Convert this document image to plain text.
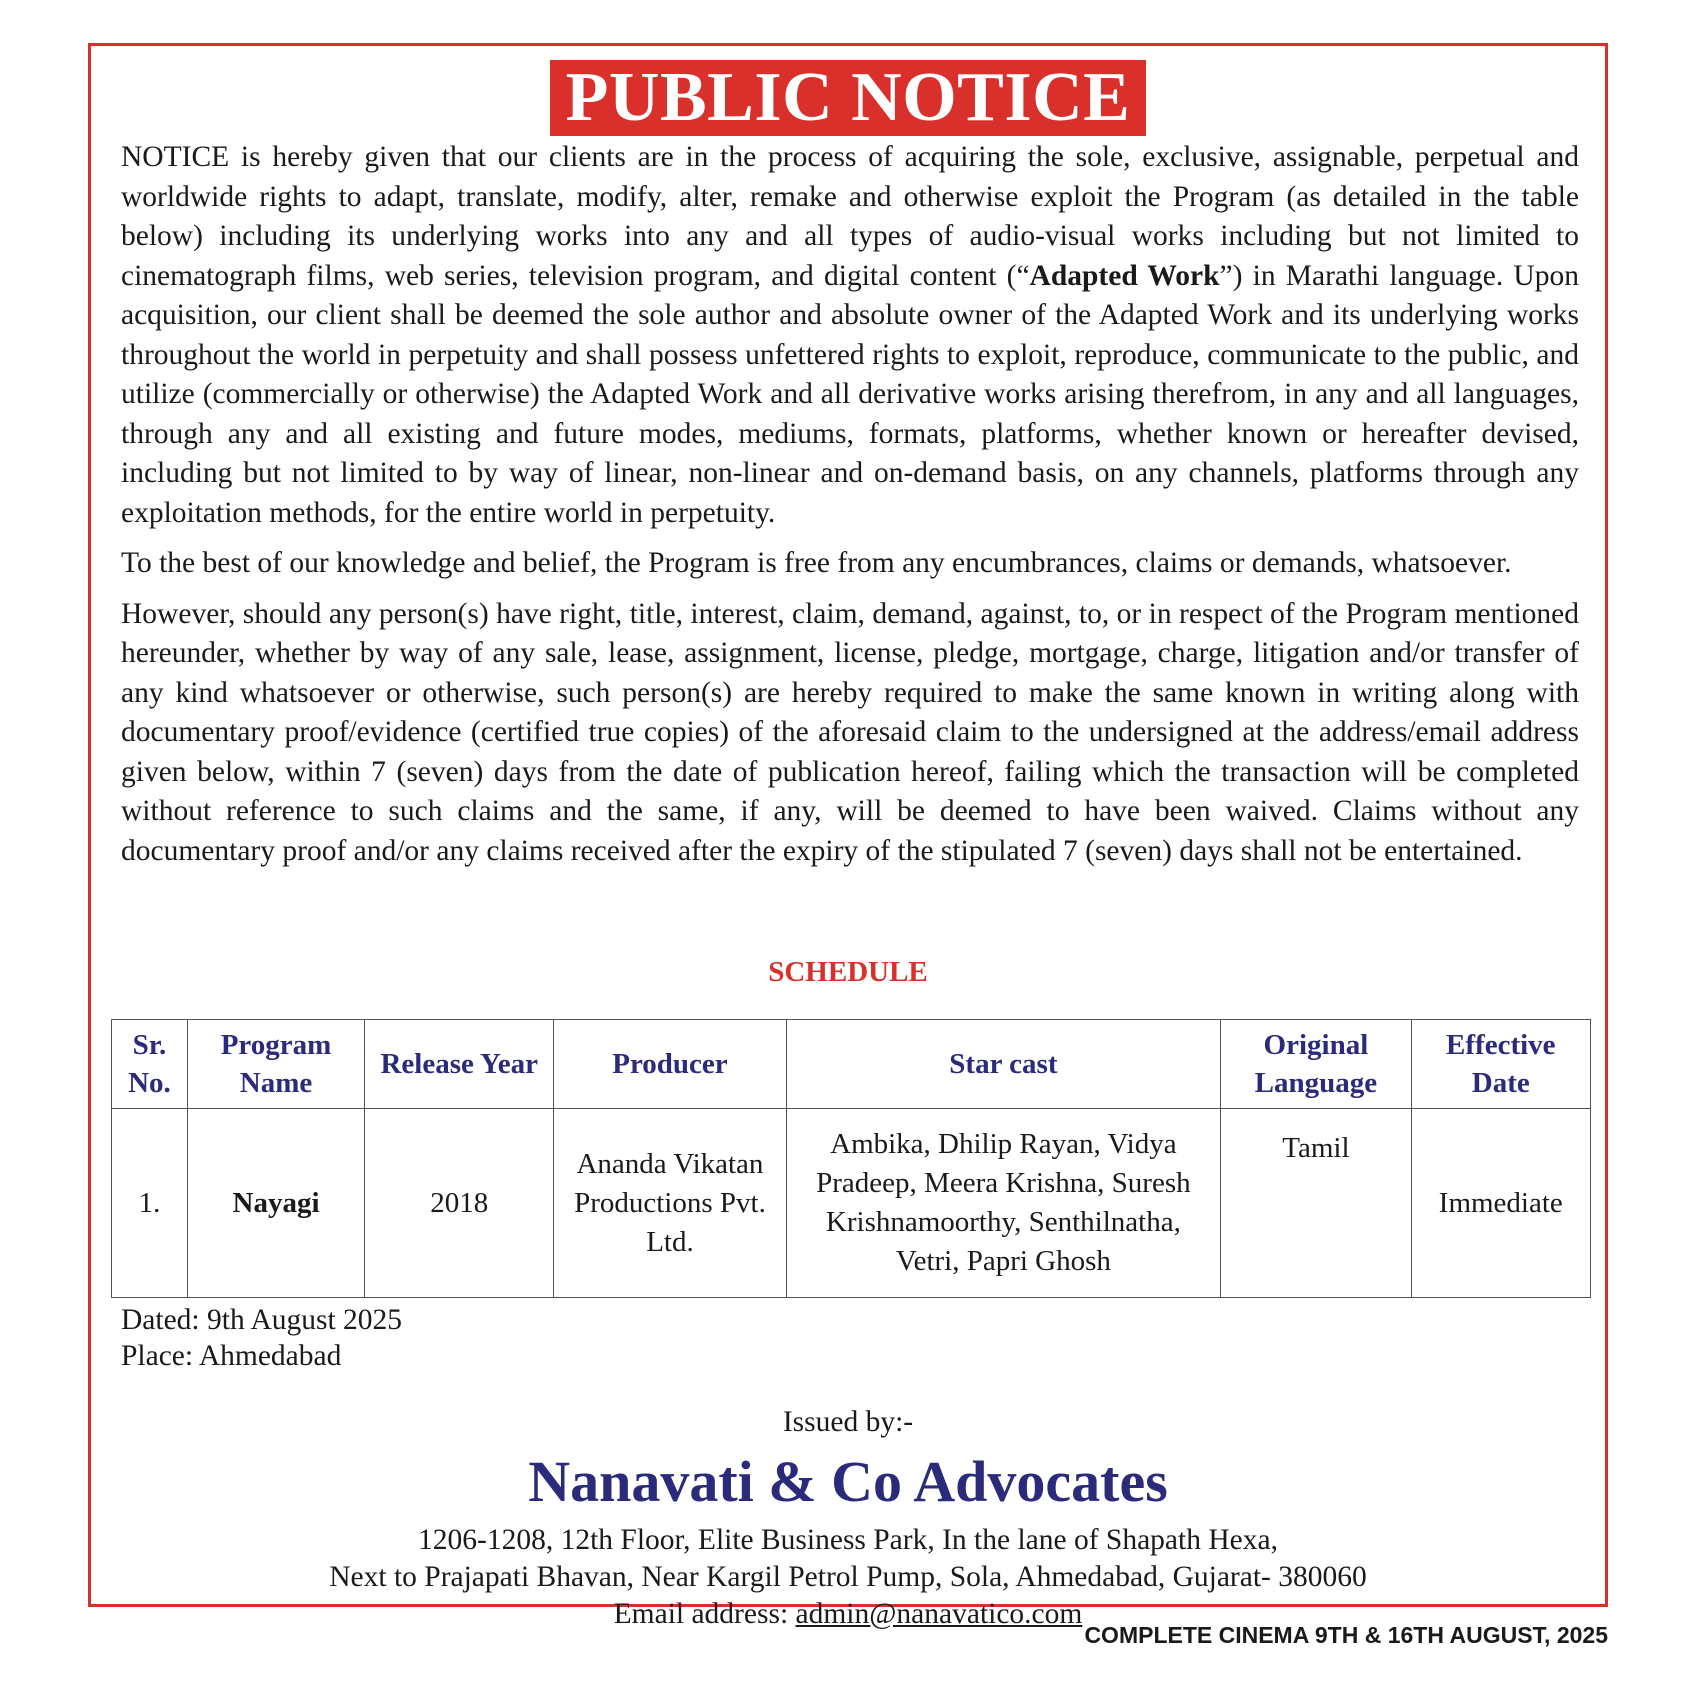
PUBLIC NOTICE

NOTICE is hereby given that our clients are in the process of acquiring the sole, exclusive, assignable, perpetual and worldwide rights to adapt, translate, modify, alter, remake and otherwise exploit the Program (as detailed in the table below) including its underlying works into any and all types of audio-visual works including but not limited to cinematograph films, web series, television program, and digital content (“Adapted Work”) in Marathi language. Upon acquisition, our client shall be deemed the sole author and absolute owner of the Adapted Work and its underlying works throughout the world in perpetuity and shall possess unfettered rights to exploit, reproduce, communicate to the public, and utilize (commercially or otherwise) the Adapted Work and all derivative works arising therefrom, in any and all languages, through any and all existing and future modes, mediums, formats, platforms, whether known or hereafter devised, including but not limited to by way of linear, non-linear and on-demand basis, on any channels, platforms through any exploitation methods, for the entire world in perpetuity.

To the best of our knowledge and belief, the Program is free from any encumbrances, claims or demands, whatsoever.

However, should any person(s) have right, title, interest, claim, demand, against, to, or in respect of the Program mentioned hereunder, whether by way of any sale, lease, assignment, license, pledge, mortgage, charge, litigation and/or transfer of any kind whatsoever or otherwise, such person(s) are hereby required to make the same known in writing along with documentary proof/evidence (certified true copies) of the aforesaid claim to the undersigned at the address/email address given below, within 7 (seven) days from the date of publication hereof, failing which the transaction will be completed without reference to such claims and the same, if any, will be deemed to have been waived. Claims without any documentary proof and/or any claims received after the expiry of the stipulated 7 (seven) days shall not be entertained.

SCHEDULE
Sr. No.	Program Name	Release Year	Producer	Star cast	Original Language	Effective Date
1.	Nayagi	2018	Ananda Vikatan Productions Pvt. Ltd.	Ambika, Dhilip Rayan, Vidya Pradeep, Meera Krishna, Suresh Krishnamoorthy, Senthilnatha, Vetri, Papri Ghosh	Tamil	Immediate
Dated: 9th August 2025
Place: Ahmedabad
Issued by:-
Nanavati & Co Advocates
1206-1208, 12th Floor, Elite Business Park, In the lane of Shapath Hexa,
Next to Prajapati Bhavan, Near Kargil Petrol Pump, Sola, Ahmedabad, Gujarat- 380060
Email address: admin@nanavatico.com
COMPLETE CINEMA 9TH & 16TH AUGUST, 2025
